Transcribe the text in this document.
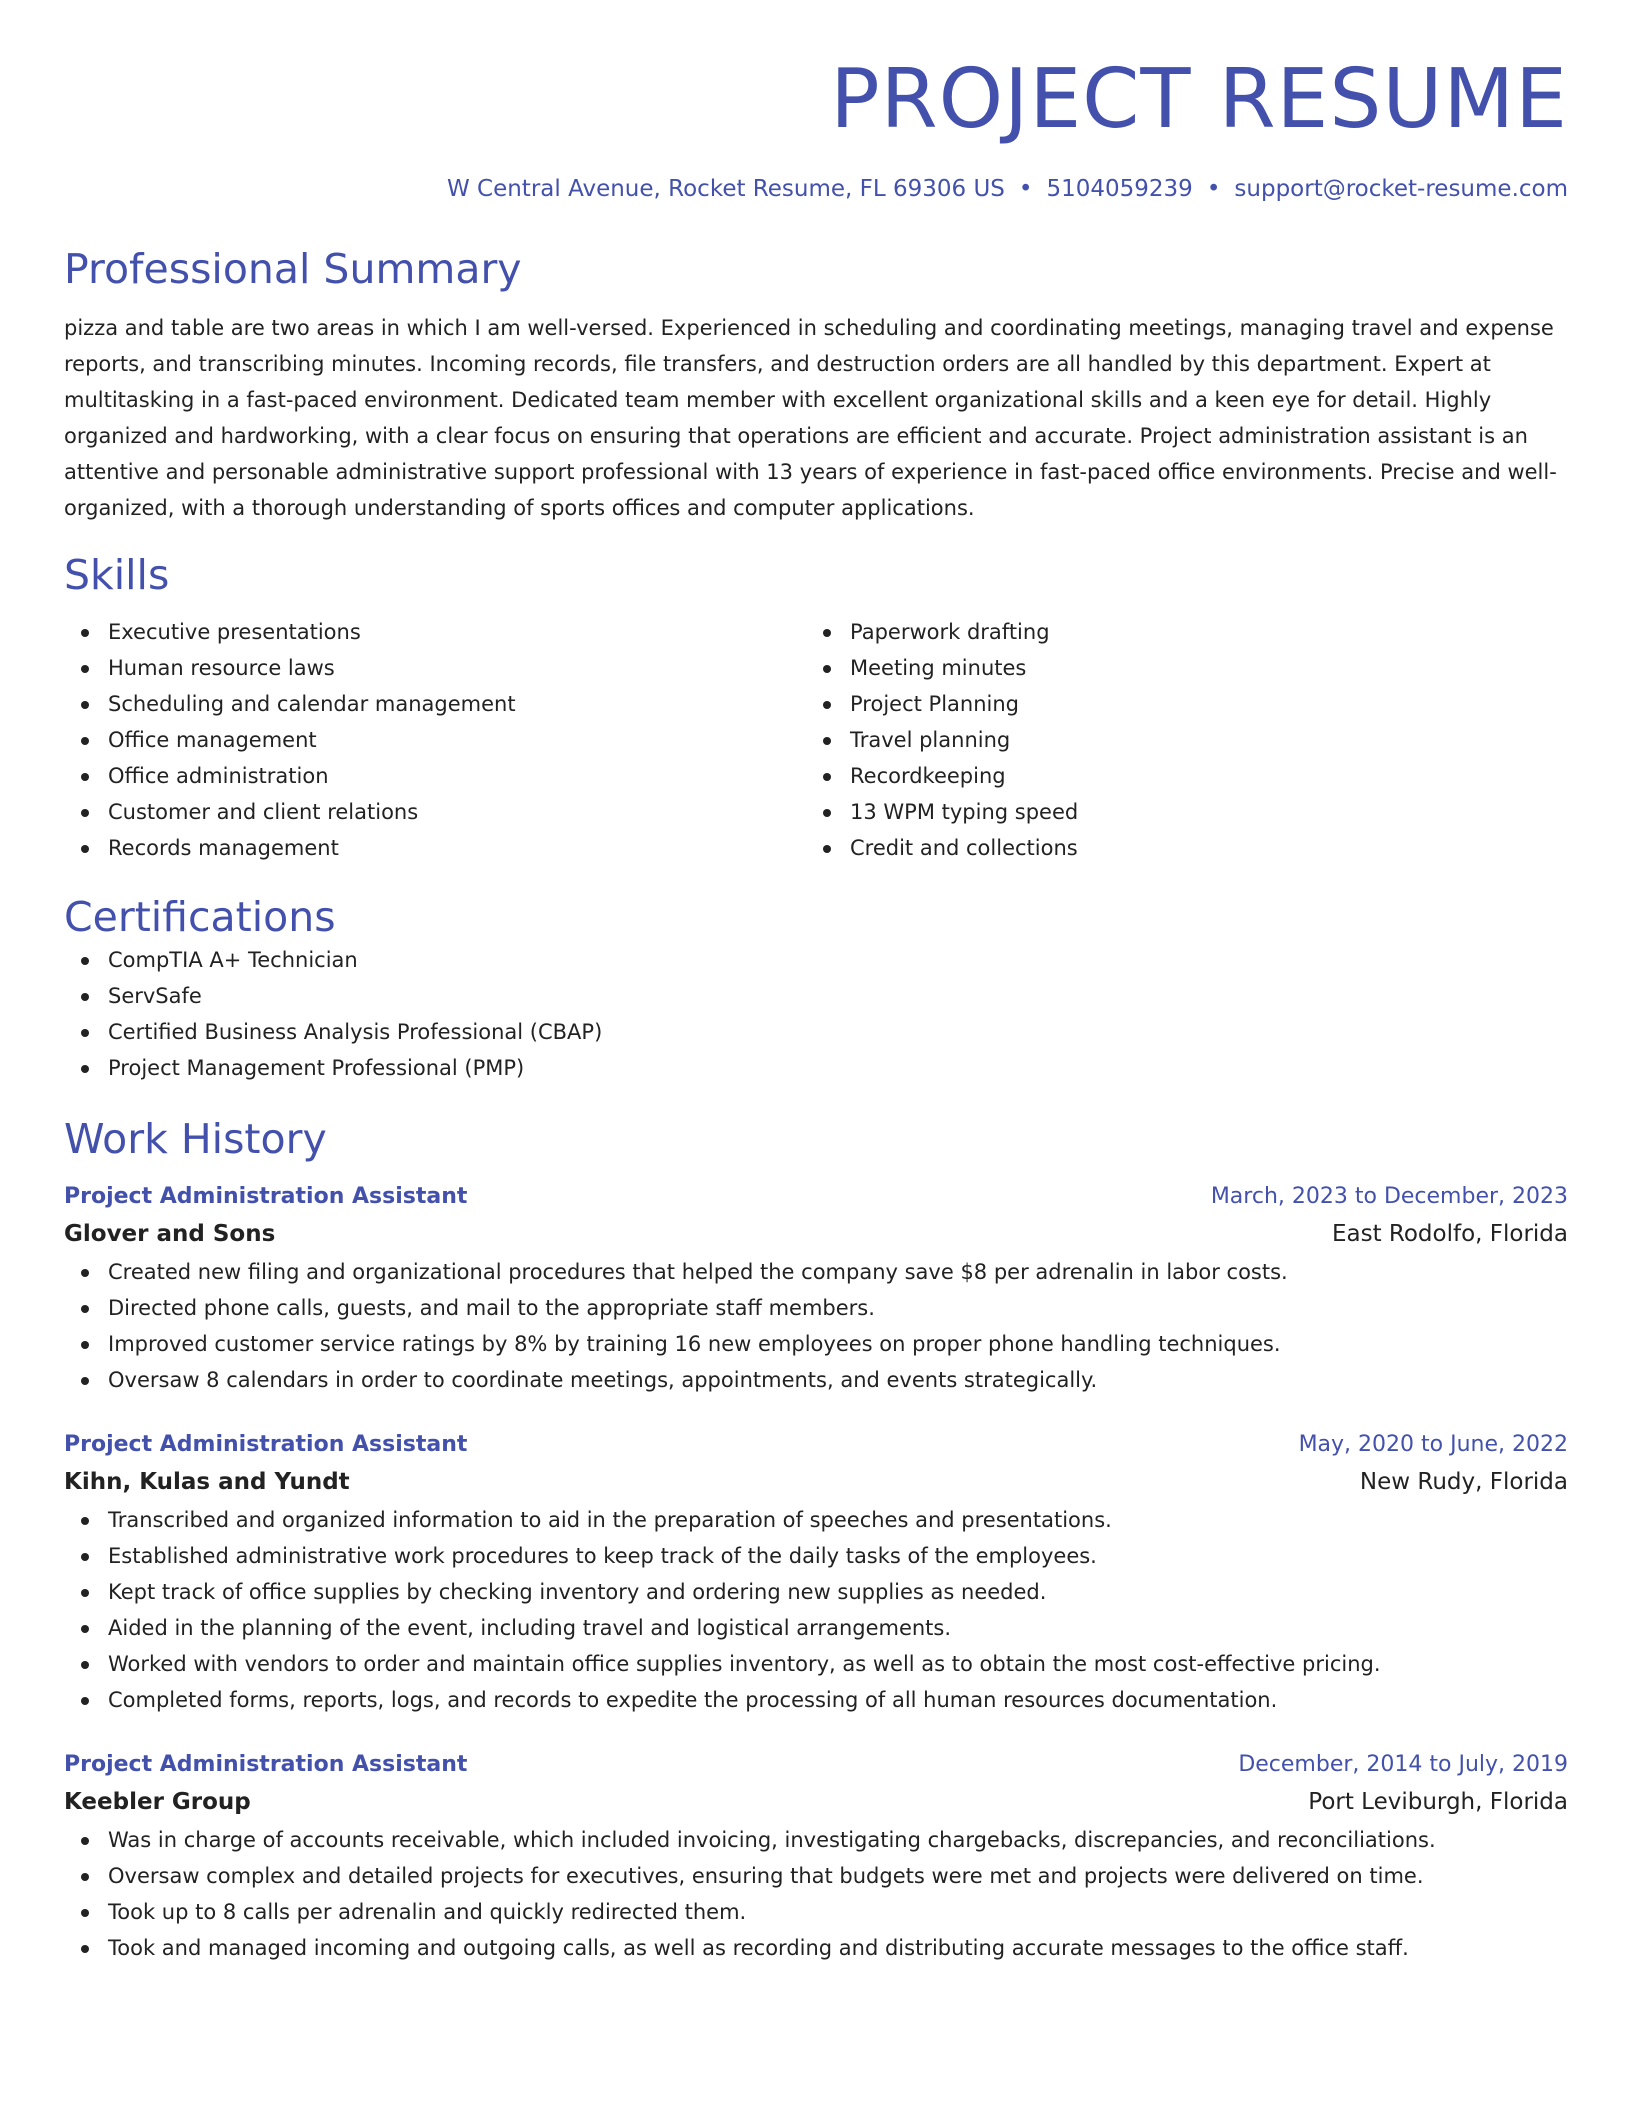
PROJECT RESUME
W Central Avenue, Rocket Resume, FL 69306 US • 5104059239 • support@rocket-resume.com
Professional Summary
pizza and table are two areas in which I am well-versed. Experienced in scheduling and coordinating meetings, managing travel and expense reports, and transcribing minutes. Incoming records, file transfers, and destruction orders are all handled by this department. Expert at multitasking in a fast-paced environment. Dedicated team member with excellent organizational skills and a keen eye for detail. Highly organized and hardworking, with a clear focus on ensuring that operations are efficient and accurate. Project administration assistant is an attentive and personable administrative support professional with 13 years of experience in fast-paced office environments. Precise and well-organized, with a thorough understanding of sports offices and computer applications.
Skills
Executive presentations
Human resource laws
Scheduling and calendar management
Office management
Office administration
Customer and client relations
Records management
Paperwork drafting
Meeting minutes
Project Planning
Travel planning
Recordkeeping
13 WPM typing speed
Credit and collections
Certifications
CompTIA A+ Technician
ServSafe
Certified Business Analysis Professional (CBAP)
Project Management Professional (PMP)
Work History
Project Administration Assistant	March, 2023 to December, 2023
Glover and Sons	East Rodolfo, Florida
Created new filing and organizational procedures that helped the company save $8 per adrenalin in labor costs.
Directed phone calls, guests, and mail to the appropriate staff members.
Improved customer service ratings by 8% by training 16 new employees on proper phone handling techniques.
Oversaw 8 calendars in order to coordinate meetings, appointments, and events strategically.
Project Administration Assistant	May, 2020 to June, 2022
Kihn, Kulas and Yundt	New Rudy, Florida
Transcribed and organized information to aid in the preparation of speeches and presentations.
Established administrative work procedures to keep track of the daily tasks of the employees.
Kept track of office supplies by checking inventory and ordering new supplies as needed.
Aided in the planning of the event, including travel and logistical arrangements.
Worked with vendors to order and maintain office supplies inventory, as well as to obtain the most cost-effective pricing.
Completed forms, reports, logs, and records to expedite the processing of all human resources documentation.
Project Administration Assistant	December, 2014 to July, 2019
Keebler Group	Port Leviburgh, Florida
Was in charge of accounts receivable, which included invoicing, investigating chargebacks, discrepancies, and reconciliations.
Oversaw complex and detailed projects for executives, ensuring that budgets were met and projects were delivered on time.
Took up to 8 calls per adrenalin and quickly redirected them.
Took and managed incoming and outgoing calls, as well as recording and distributing accurate messages to the office staff.
